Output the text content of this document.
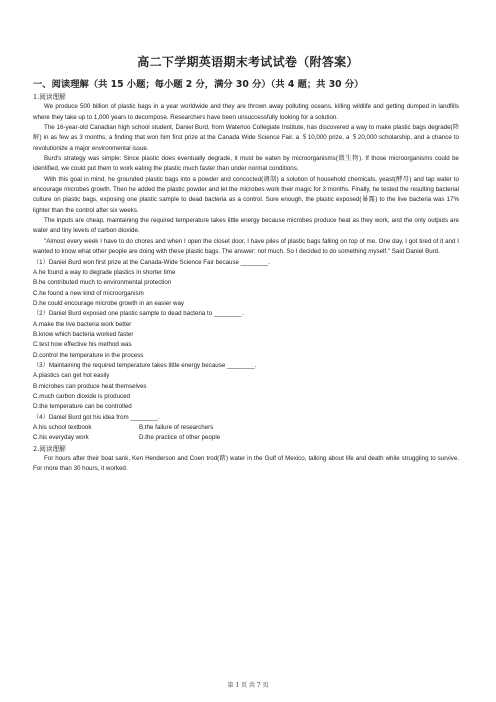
高二下学期英语期末考试试卷（附答案）
一、阅读理解（共 15 小题；每小题 2 分，满分 30 分）（共 4 题；共 30 分）

1.阅读理解

We produce 500 billion of plastic bags in a year worldwide and they are thrown away polluting oceans, killing wildlife and getting dumped in landfills where they take up to 1,000 years to decompose. Researchers have been unsuccessfully looking for a solution.

The 16-year-old Canadian high school student, Daniel Burd, from Waterloo Collegiate Institute, has discovered a way to make plastic bags degrade(降解) in as few as 3 months, a finding that won him first prize at the Canada Wide Science Fair, a ＄10,000 prize, a ＄20,000 scholarship, and a chance to revolutionize a major environmental issue.

Burd's strategy was simple: Since plastic does eventually degrade, it must be eaten by microorganisms(微生物). If those microorganisms could be identified, we could put them to work eating the plastic much faster than under normal conditions.

With this goal in mind, he grounded plastic bags into a powder and concocted(调制) a solution of household chemicals, yeast(酵母) and tap water to encourage microbes growth. Then he added the plastic powder and let the microbes work their magic for 3 months. Finally, he tested the resulting bacterial culture on plastic bags, exposing one plastic sample to dead bacteria as a control. Sure enough, the plastic exposed(暴露) to the live bacteria was 17% lighter than the control after six weeks.

The inputs are cheap, maintaining the required temperature takes little energy because microbes produce heat as they work, and the only outputs are water and tiny levels of carbon dioxide.

"Almost every week I have to do chores and when I open the closet door, I have piles of plastic bags falling on top of me. One day, I got tired of it and I wanted to know what other people are doing with these plastic bags. The answer: not much. So I decided to do something myself." Said Daniel Burd.

（1）Daniel Burd won first prize at the Canada-Wide Science Fair because ________.

A.he found a way to degrade plastics in shorter time

B.he contributed much to environmental protection

C.he found a new kind of microorganism

D.he could encourage microbe growth in an easier way

（2）Daniel Burd exposed one plastic sample to dead bacteria to ________.

A.make the live bacteria work better

B.know which bacteria worked faster

C.test how effective his method was

D.control the temperature in the process

（3）Maintaining the required temperature takes little energy because ________.

A.plastics can get hot easily

B.microbes can produce heat themselves

C.much carbon dioxide is produced

D.the temperature can be controlled

（4）Daniel Burd got his idea from ________.

A.his school textbook	B.the failure of researchers
C.his everyday work	D.the practice of other people

2.阅读理解

For hours after their boat sank, Ken Henderson and Coen trod(踏) water in the Gulf of Mexico, talking about life and death while struggling to survive. For more than 30 hours, it worked.

第 1 页 共 7 页
